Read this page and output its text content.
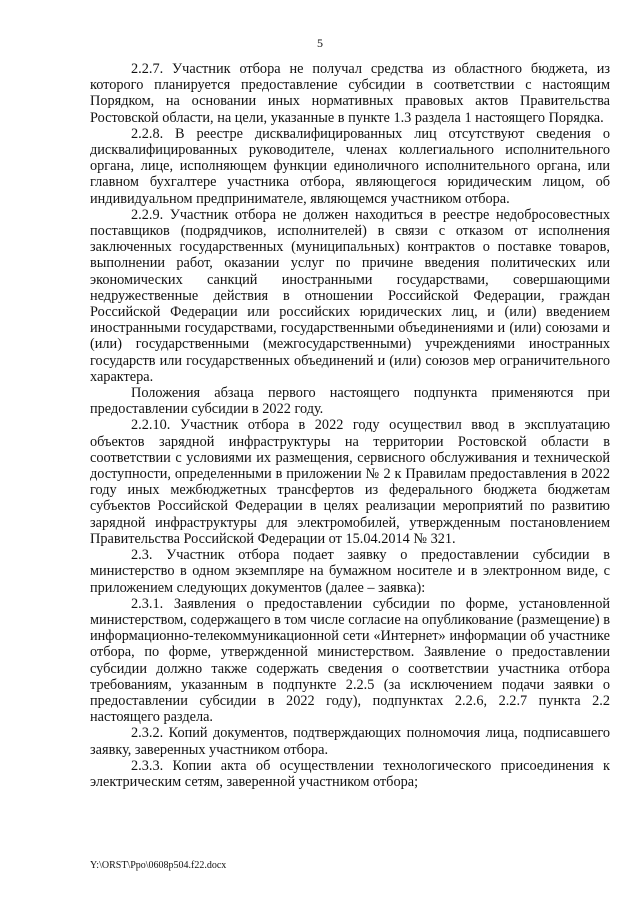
5

2.2.7. Участник отбора не получал средства из областного бюджета, из которого планируется предоставление субсидии в соответствии с настоящим Порядком, на основании иных нормативных правовых актов Правительства Ростовской области, на цели, указанные в пункте 1.3 раздела 1 настоящего Порядка.

2.2.8. В реестре дисквалифицированных лиц отсутствуют сведения о дисквалифицированных руководителе, членах коллегиального исполнительного органа, лице, исполняющем функции единоличного исполнительного органа, или главном бухгалтере участника отбора, являющегося юридическим лицом, об индивидуальном предпринимателе, являющемся участником отбора.

2.2.9. Участник отбора не должен находиться в реестре недобросовестных поставщиков (подрядчиков, исполнителей) в связи с отказом от исполнения заключенных государственных (муниципальных) контрактов о поставке товаров, выполнении работ, оказании услуг по причине введения политических или экономических санкций иностранными государствами, совершающими недружественные действия в отношении Российской Федерации, граждан Российской Федерации или российских юридических лиц, и (или) введением иностранными государствами, государственными объединениями и (или) союзами и (или) государственными (межгосударственными) учреждениями иностранных государств или государственных объединений и (или) союзов мер ограничительного характера.

Положения абзаца первого настоящего подпункта применяются при предоставлении субсидии в 2022 году.

2.2.10. Участник отбора в 2022 году осуществил ввод в эксплуатацию объектов зарядной инфраструктуры на территории Ростовской области в соответствии с условиями их размещения, сервисного обслуживания и технической доступности, определенными в приложении № 2 к Правилам предоставления в 2022 году иных межбюджетных трансфертов из федерального бюджета бюджетам субъектов Российской Федерации в целях реализации мероприятий по развитию зарядной инфраструктуры для электромобилей, утвержденным постановлением Правительства Российской Федерации от 15.04.2014 № 321.

2.3. Участник отбора подает заявку о предоставлении субсидии в министерство в одном экземпляре на бумажном носителе и в электронном виде, с приложением следующих документов (далее – заявка):

2.3.1. Заявления о предоставлении субсидии по форме, установленной министерством, содержащего в том числе согласие на опубликование (размещение) в информационно-телекоммуникационной сети «Интернет» информации об участнике отбора, по форме, утвержденной министерством. Заявление о предоставлении субсидии должно также содержать сведения о соответствии участника отбора требованиям, указанным в подпункте 2.2.5 (за исключением подачи заявки о предоставлении субсидии в 2022 году), подпунктах 2.2.6, 2.2.7 пункта 2.2 настоящего раздела.

2.3.2. Копий документов, подтверждающих полномочия лица, подписавшего заявку, заверенных участником отбора.

2.3.3. Копии акта об осуществлении технологического присоединения к электрическим сетям, заверенной участником отбора;

Y:\ORST\Ppo\0608p504.f22.docx
